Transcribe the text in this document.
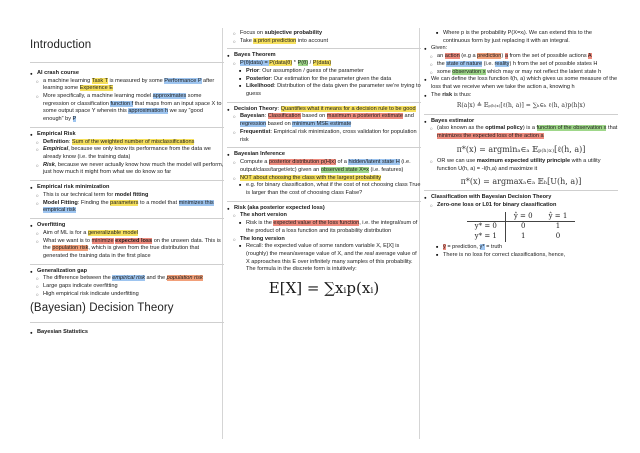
Introduction
● AI crash course
○ a machine learning Task T is measured by some Performance P after learning some Experience E
○ More specifically, a machine learning model approximates some regression or classification function f that maps from an input space X to some output space Y wherein this approximation h we say “good enough” by P
● Empirical Risk
○ Definition: Sum of the weighted number of misclassifications
○ Empirical, because we only know its performance from the data we already know (i.e. the training data)
○ Risk, because we never actually know how much the model will perform, just how much it might from what we do know so far
● Empirical risk minimization
○ This is our technical term for model fitting
○ Model Fitting: Finding the parameters to a model that minimizes this empirical risk
● Overfitting
○ Aim of ML is for a generalizable model
○ What we want is to minimize expected loss on the unseen data. This is the population risk, which is given from the true distribution that generated the training data in the first place
● Generalization gap
○ The difference between the empirical risk and the population risk
○ Large gaps indicate overfitting
○ High empirical risk indicate underfitting
(Bayesian) Decision Theory
● Bayesian Statistics
○ Focus on subjective probability
○ Take a priori prediction into account
● Bayes Theorem
○ P(θ|data) = P(data|θ) * P(θ) / P(data)
■ Prior: Our assumption / guess of the parameter
■ Posterior: Our estimation for the parameter given the data
■ Likelihood: Distribution of the data given the parameter we’re trying to guess
● Decision Theory: Quantifies what it means for a decision rule to be good
○ Bayesian: Classification based on maximum a posteriori estimate and regression based on minimum MSE estimate
○ Frequentist: Empirical risk minimization, cross validation for population risk
● Bayesian Inference
○ Compute a posterior distribution p(H|x) of a hidden/latent state H (i.e. output/class/target/etc) given an observed state X=x (i.e. features)
○ NOT about choosing the class with the largest probability
■ e.g. for binary classification, what if the cost of not choosing class True is larger than the cost of choosing class False?
● Risk (aka posterior expected loss)
○ The short version
■ Risk is the expected value of the loss function, i.e. the integral/sum of the product of a loss function and its probability distribution
○ The long version
■ Recall: the expected value of some random variable X, E[X] is (roughly) the mean/average value of X, and the real average value of X approaches this E over infinitely many samples of this probability. The formula in the discrete form is intuitively:
E[X] = ∑xᵢp(xᵢ)
■ Where p is the probability P(X=xᵢ). We can extend this to the continuous form by just replacing it with an integral.
● Given:
○ an action (e.g a prediction) a from the set of possible actions A
○ the state of nature (i.e. reality) h from the set of possible states H
○ some observation x which may or may not reflect the latent state h
● We can define the loss function ℓ(h, a) which gives us some measure of the loss that we receive when we take the action a, knowing h
● The risk is thus:
R(a|x) ≜ 𝔼ₚ₍ₕ₎ₓ₎[ℓ(h, a)] = ∑ₕ∈ₕ ℓ(h, a)p(h|x)
● Bayes estimator
○ (also known as the optimal policy) is a function of the observation x that minimizes the expected loss of the action a
π*(x) = argminₐ∈ₐ 𝔼ₚ₍ₕ₎ₓ₎[ℓ(h, a)]
○ OR we can use maximum expected utility principle with a utility function U(h, a) = -ℓ(h,a) and maximize it
π*(x) = argmaxₐ∈ₐ 𝔼ₕ[U(h, a)]
● Classification with Bayesian Decision Theory
○ Zero-one loss or L01 for binary classification
	ŷ = 0	ŷ = 1
y* = 0	0	1
y* = 1	1	0
■ ŷ = prediction, y* = truth
■ There is no loss for correct classifications, hence,
